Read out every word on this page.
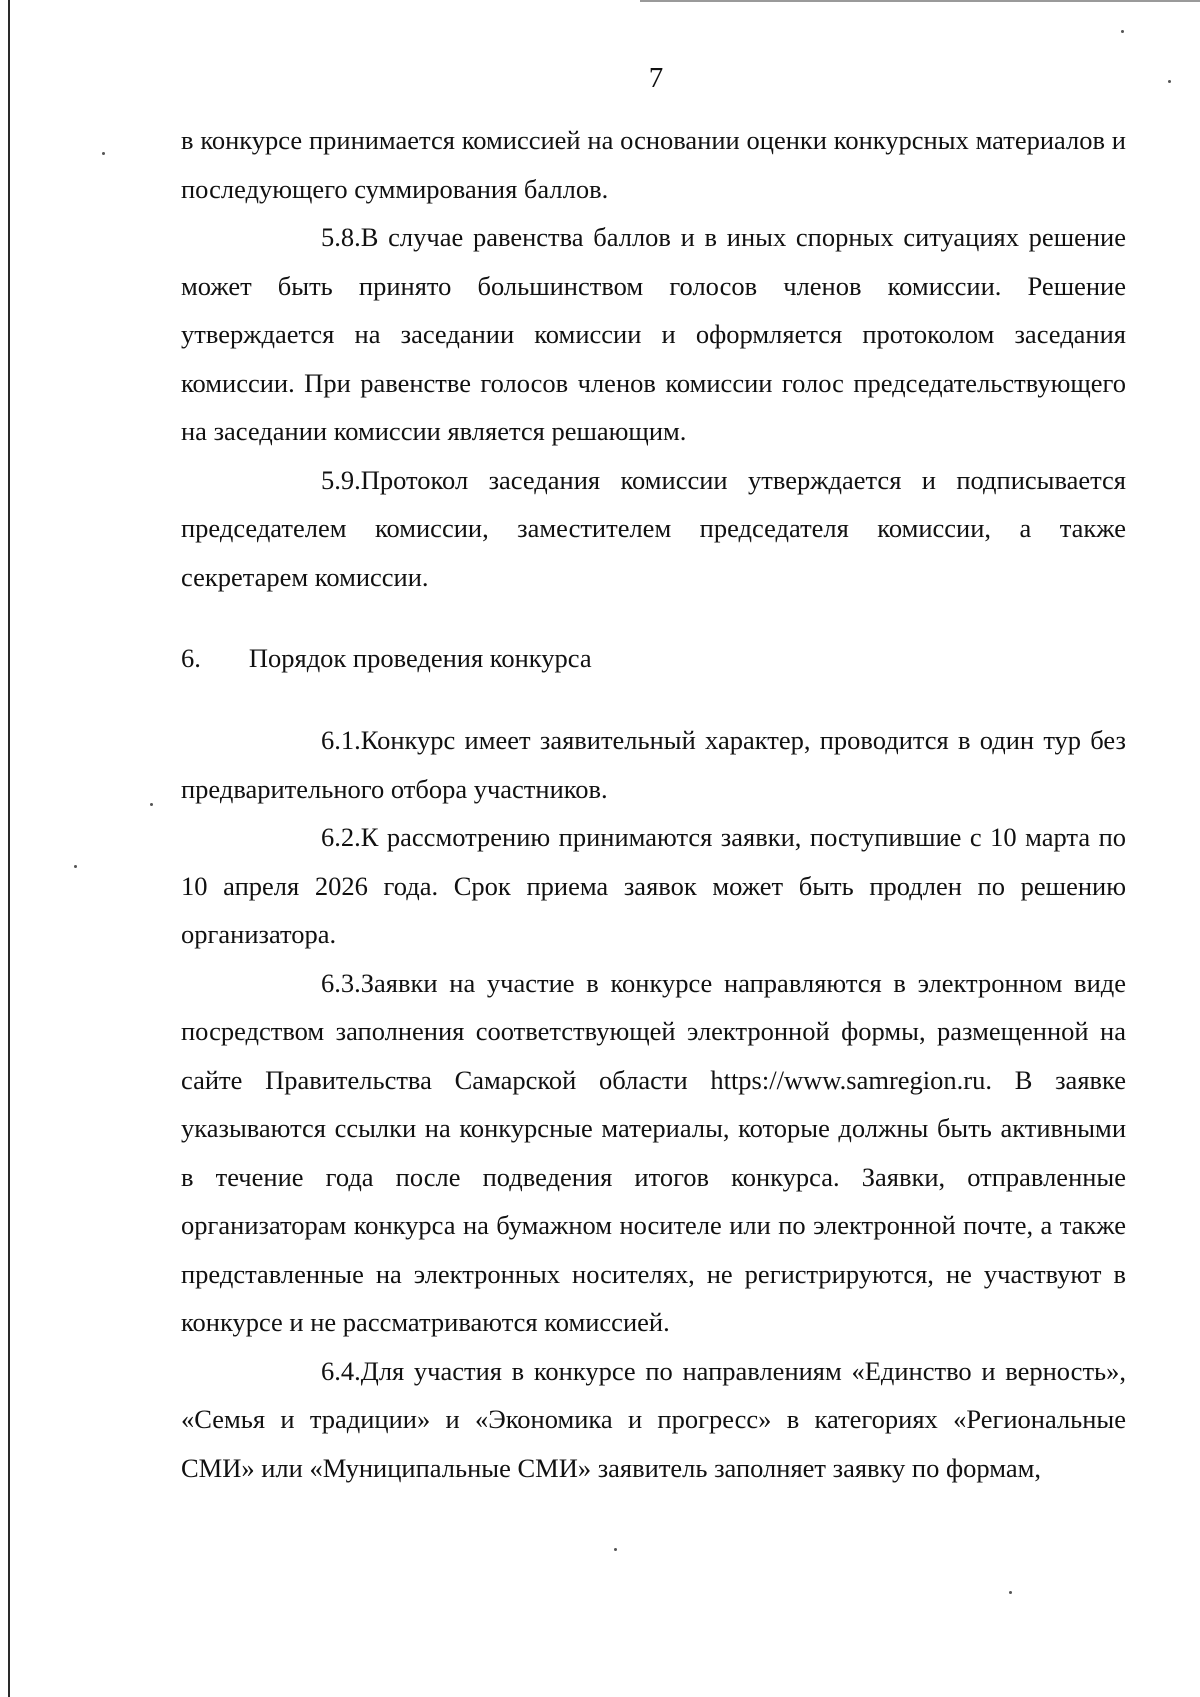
7

в конкурсе принимается комиссией на основании оценки конкурсных материалов и последующего суммирования баллов.

5.8.В случае равенства баллов и в иных спорных ситуациях решение может быть принято большинством голосов членов комиссии. Решение утверждается на заседании комиссии и оформляется протоколом заседания комиссии. При равенстве голосов членов комиссии голос председательствующего на заседании комиссии является решающим.

5.9.Протокол заседания комиссии утверждается и подписывается председателем комиссии, заместителем председателя комиссии, а также секретарем комиссии.

6. Порядок проведения конкурса

6.1.Конкурс имеет заявительный характер, проводится в один тур без предварительного отбора участников.

6.2.К рассмотрению принимаются заявки, поступившие с 10 марта по 10 апреля 2026 года. Срок приема заявок может быть продлен по решению организатора.

6.3.Заявки на участие в конкурсе направляются в электронном виде посредством заполнения соответствующей электронной формы, размещенной на сайте Правительства Самарской области https://www.samregion.ru. В заявке указываются ссылки на конкурсные материалы, которые должны быть активными в течение года после подведения итогов конкурса. Заявки, отправленные организаторам конкурса на бумажном носителе или по электронной почте, а также представленные на электронных носителях, не регистрируются, не участвуют в конкурсе и не рассматриваются комиссией.

6.4.Для участия в конкурсе по направлениям «Единство и верность», «Семья и традиции» и «Экономика и прогресс» в категориях «Региональные СМИ» или «Муниципальные СМИ» заявитель заполняет заявку по формам,
